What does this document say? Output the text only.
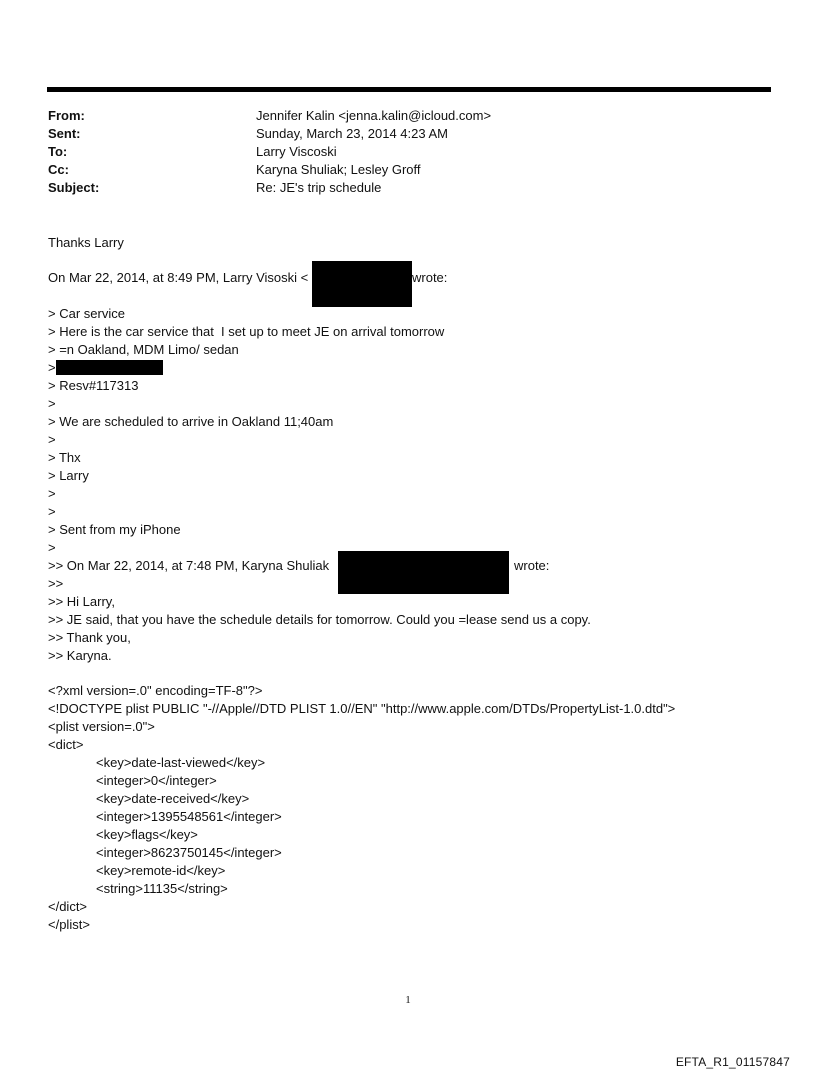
From:	Jennifer Kalin <jenna.kalin@icloud.com>
Sent:	Sunday, March 23, 2014 4:23 AM
To:	Larry Viscoski
Cc:	Karyna Shuliak; Lesley Groff
Subject:	Re: JE's trip schedule
Thanks Larry
On Mar 22, 2014, at 8:49 PM, Larry Visoski <	wrote:
> Car service
> Here is the car service that  I set up to meet JE on arrival tomorrow
> =n Oakland, MDM Limo/ sedan
>
> Resv#117313
>
> We are scheduled to arrive in Oakland 11;40am
>
> Thx
> Larry
>
>
> Sent from my iPhone
>
>> On Mar 22, 2014, at 7:48 PM, Karyna Shuliak	wrote:
>>
>> Hi Larry,
>> JE said, that you have the schedule details for tomorrow. Could you =lease send us a copy.
>> Thank you,
>> Karyna.
<?xml version=.0" encoding=TF-8"?>
<!DOCTYPE plist PUBLIC "-//Apple//DTD PLIST 1.0//EN" "http://www.apple.com/DTDs/PropertyList-1.0.dtd">
<plist version=.0">
<dict>
<key>date-last-viewed</key>
<integer>0</integer>
<key>date-received</key>
<integer>1395548561</integer>
<key>flags</key>
<integer>8623750145</integer>
<key>remote-id</key>
<string>11135</string>
</dict>
</plist>
1
EFTA_R1_01157847
